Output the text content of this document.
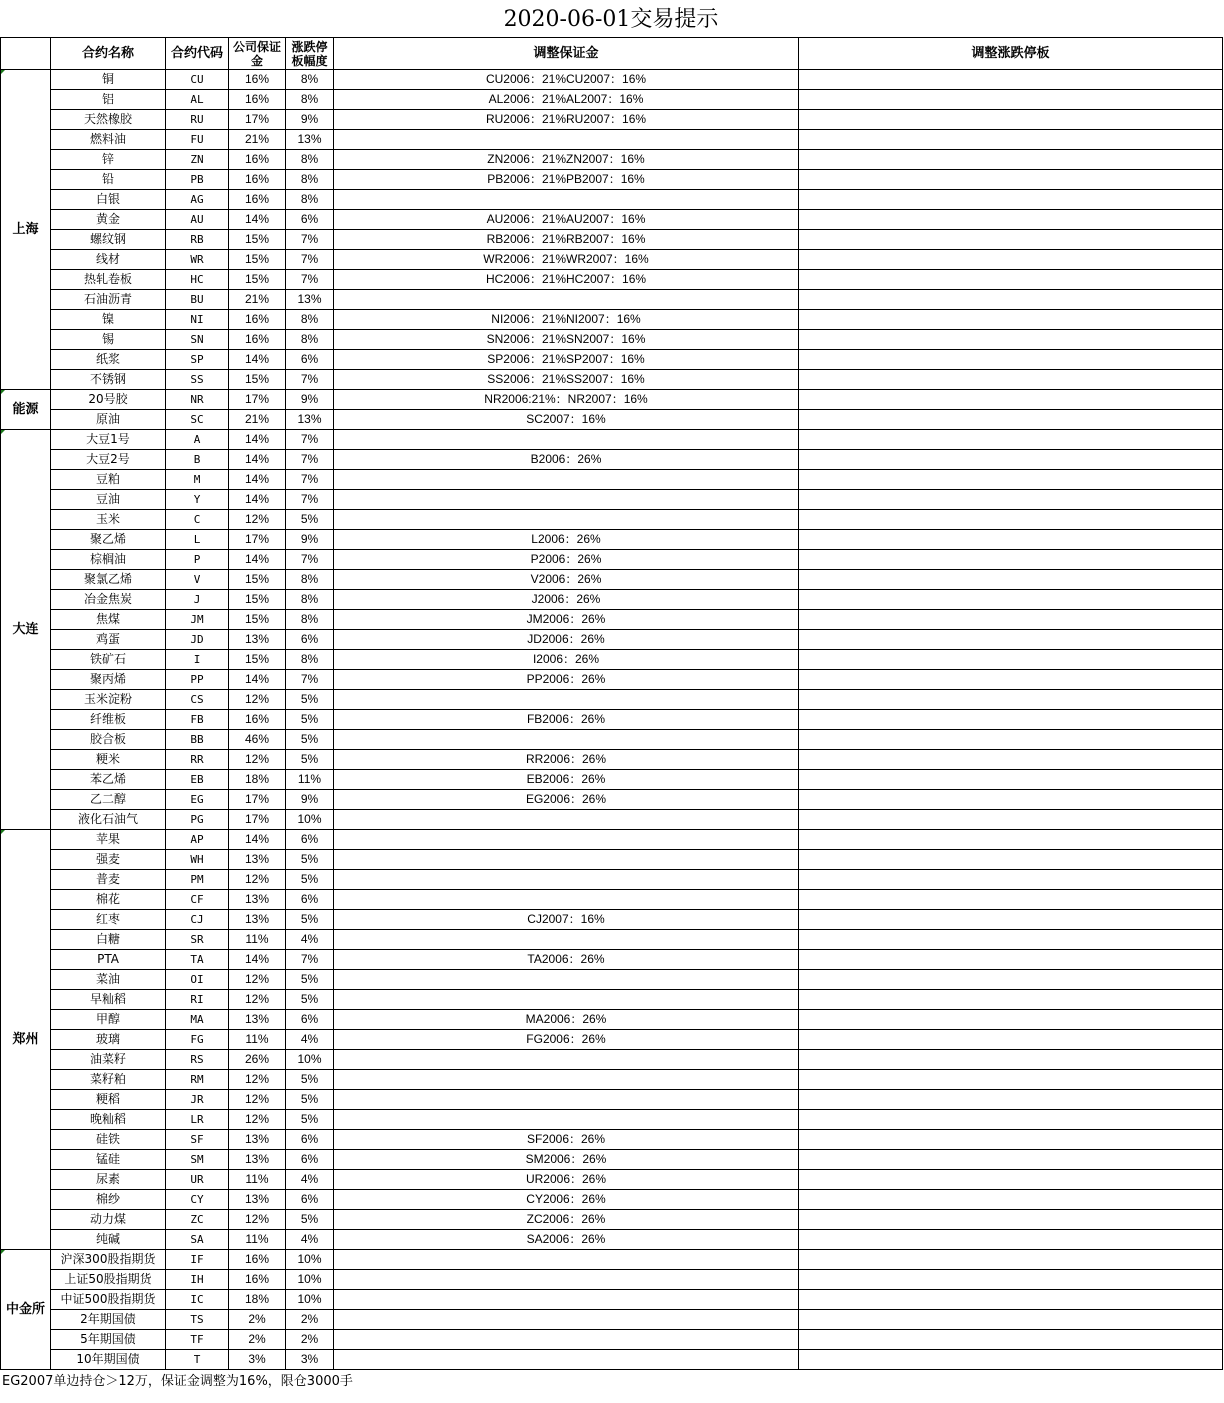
2020-06-01交易提示
	合约名称	合约代码	公司保证金	涨跌停板幅度	调整保证金	调整涨跌停板
上海	铜	CU	16%	8%	CU2006：21%CU2007：16%	
	铝	AL	16%	8%	AL2006：21%AL2007：16%	
	天然橡胶	RU	17%	9%	RU2006：21%RU2007：16%	
	燃料油	FU	21%	13%		
	锌	ZN	16%	8%	ZN2006：21%ZN2007：16%	
	铅	PB	16%	8%	PB2006：21%PB2007：16%	
	白银	AG	16%	8%		
	黄金	AU	14%	6%	AU2006：21%AU2007：16%	
	螺纹钢	RB	15%	7%	RB2006：21%RB2007：16%	
	线材	WR	15%	7%	WR2006：21%WR2007：16%	
	热轧卷板	HC	15%	7%	HC2006：21%HC2007：16%	
	石油沥青	BU	21%	13%		
	镍	NI	16%	8%	NI2006：21%NI2007：16%	
	锡	SN	16%	8%	SN2006：21%SN2007：16%	
	纸浆	SP	14%	6%	SP2006：21%SP2007：16%	
	不锈钢	SS	15%	7%	SS2006：21%SS2007：16%	
能源	20号胶	NR	17%	9%	NR2006:21%：NR2007：16%	
	原油	SC	21%	13%	SC2007：16%	
大连	大豆1号	A	14%	7%		
	大豆2号	B	14%	7%	B2006：26%	
	豆粕	M	14%	7%		
	豆油	Y	14%	7%		
	玉米	C	12%	5%		
	聚乙烯	L	17%	9%	L2006：26%	
	棕榈油	P	14%	7%	P2006：26%	
	聚氯乙烯	V	15%	8%	V2006：26%	
	冶金焦炭	J	15%	8%	J2006：26%	
	焦煤	JM	15%	8%	JM2006：26%	
	鸡蛋	JD	13%	6%	JD2006：26%	
	铁矿石	I	15%	8%	I2006：26%	
	聚丙烯	PP	14%	7%	PP2006：26%	
	玉米淀粉	CS	12%	5%		
	纤维板	FB	16%	5%	FB2006：26%	
	胶合板	BB	46%	5%		
	粳米	RR	12%	5%	RR2006：26%	
	苯乙烯	EB	18%	11%	EB2006：26%	
	乙二醇	EG	17%	9%	EG2006：26%	
	液化石油气	PG	17%	10%		
郑州	苹果	AP	14%	6%		
	强麦	WH	13%	5%		
	普麦	PM	12%	5%		
	棉花	CF	13%	6%		
	红枣	CJ	13%	5%	CJ2007：16%	
	白糖	SR	11%	4%		
	PTA	TA	14%	7%	TA2006：26%	
	菜油	OI	12%	5%		
	早籼稻	RI	12%	5%		
	甲醇	MA	13%	6%	MA2006：26%	
	玻璃	FG	11%	4%	FG2006：26%	
	油菜籽	RS	26%	10%		
	菜籽粕	RM	12%	5%		
	粳稻	JR	12%	5%		
	晚籼稻	LR	12%	5%		
	硅铁	SF	13%	6%	SF2006：26%	
	锰硅	SM	13%	6%	SM2006：26%	
	尿素	UR	11%	4%	UR2006：26%	
	棉纱	CY	13%	6%	CY2006：26%	
	动力煤	ZC	12%	5%	ZC2006：26%	
	纯碱	SA	11%	4%	SA2006：26%	
中金所	沪深300股指期货	IF	16%	10%		
	上证50股指期货	IH	16%	10%		
	中证500股指期货	IC	18%	10%		
	2年期国债	TS	2%	2%		
	5年期国债	TF	2%	2%		
	10年期国债	T	3%	3%		
EG2007单边持仓＞12万，保证金调整为16%，限仓3000手
